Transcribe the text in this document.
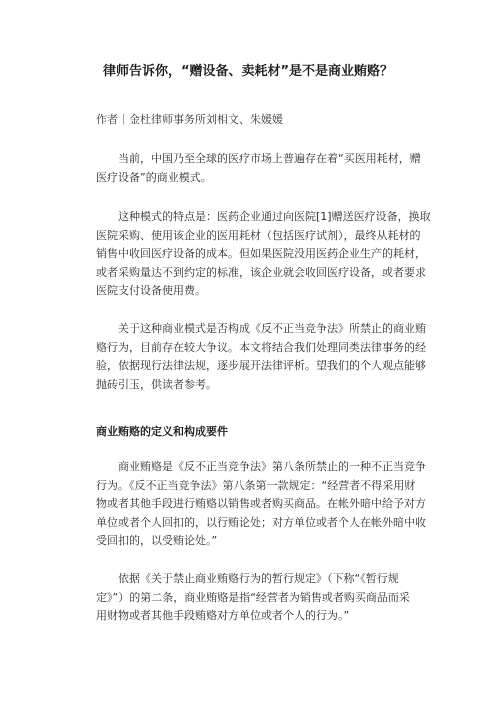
律师告诉你，“赠设备、卖耗材”是不是商业贿赂？
作者｜金杜律师事务所刘相文、朱媛媛
　　当前，中国乃至全球的医疗市场上普遍存在着“买医用耗材，赠
医疗设备”的商业模式。
　　这种模式的特点是：医药企业通过向医院[1]赠送医疗设备，换取
医院采购、使用该企业的医用耗材（包括医疗试剂），最终从耗材的
销售中收回医疗设备的成本。但如果医院没用医药企业生产的耗材，
或者采购量达不到约定的标准，该企业就会收回医疗设备，或者要求
医院支付设备使用费。
　　关于这种商业模式是否构成《反不正当竞争法》所禁止的商业贿
赂行为，目前存在较大争议。本文将结合我们处理同类法律事务的经
验，依据现行法律法规，逐步展开法律评析。望我们的个人观点能够
抛砖引玉，供读者参考。
商业贿赂的定义和构成要件
　　商业贿赂是《反不正当竞争法》第八条所禁止的一种不正当竞争
行为。《反不正当竞争法》第八条第一款规定：“经营者不得采用财
物或者其他手段进行贿赂以销售或者购买商品。在帐外暗中给予对方
单位或者个人回扣的，以行贿论处；对方单位或者个人在帐外暗中收
受回扣的，以受贿论处。”
　　依据《关于禁止商业贿赂行为的暂行规定》（下称“《暂行规
定》”）的第二条，商业贿赂是指“经营者为销售或者购买商品而采
用财物或者其他手段贿赂对方单位或者个人的行为。”
